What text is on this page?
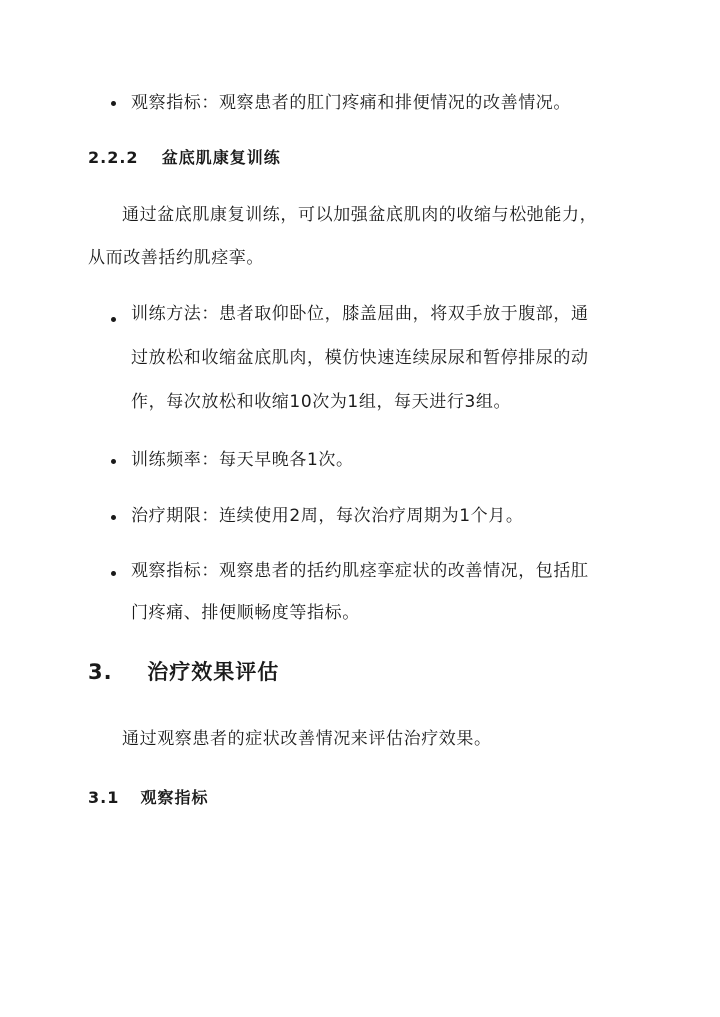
观察指标：观察患者的肛门疼痛和排便情况的改善情况。
2.2.2 盆底肌康复训练
通过盆底肌康复训练，可以加强盆底肌肉的收缩与松弛能力，
从而改善括约肌痉挛。
训练方法：患者取仰卧位，膝盖屈曲，将双手放于腹部，通
过放松和收缩盆底肌肉，模仿快速连续尿尿和暂停排尿的动
作，每次放松和收缩10次为1组，每天进行3组。
训练频率：每天早晚各1次。
治疗期限：连续使用2周，每次治疗周期为1个月。
观察指标：观察患者的括约肌痉挛症状的改善情况，包括肛
门疼痛、排便顺畅度等指标。
3. 治疗效果评估
通过观察患者的症状改善情况来评估治疗效果。
3.1 观察指标
